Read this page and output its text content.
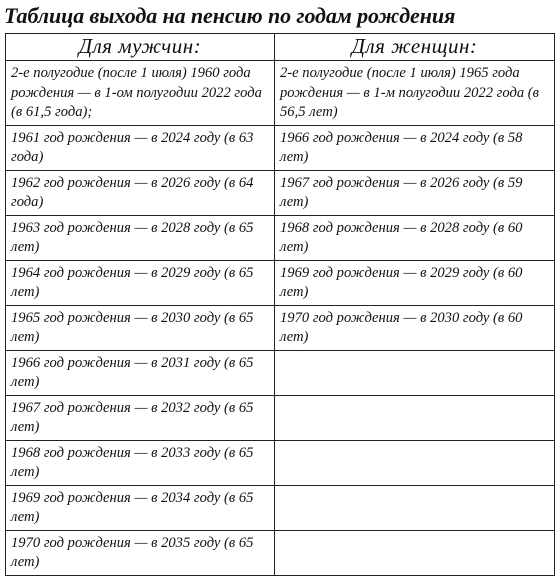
Таблица выхода на пенсию по годам рождения
Для мужчин:	Для женщин:
2-е полугодие (после 1 июля) 1960 года рождения — в 1-ом полугодии 2022 года (в 61,5 года);	2-е полугодие (после 1 июля) 1965 года рождения — в 1-м полугодии 2022 года (в 56,5 лет)
1961 год рождения — в 2024 году (в 63 года)	1966 год рождения — в 2024 году (в 58 лет)
1962 год рождения — в 2026 году (в 64 года)	1967 год рождения — в 2026 году (в 59 лет)
1963 год рождения — в 2028 году (в 65 лет)	1968 год рождения — в 2028 году (в 60 лет)
1964 год рождения — в 2029 году (в 65 лет)	1969 год рождения — в 2029 году (в 60 лет)
1965 год рождения — в 2030 году (в 65 лет)	1970 год рождения — в 2030 году (в 60 лет)
1966 год рождения — в 2031 году (в 65 лет)	
1967 год рождения — в 2032 году (в 65 лет)	
1968 год рождения — в 2033 году (в 65 лет)	
1969 год рождения — в 2034 году (в 65 лет)	
1970 год рождения — в 2035 году (в 65 лет)	
